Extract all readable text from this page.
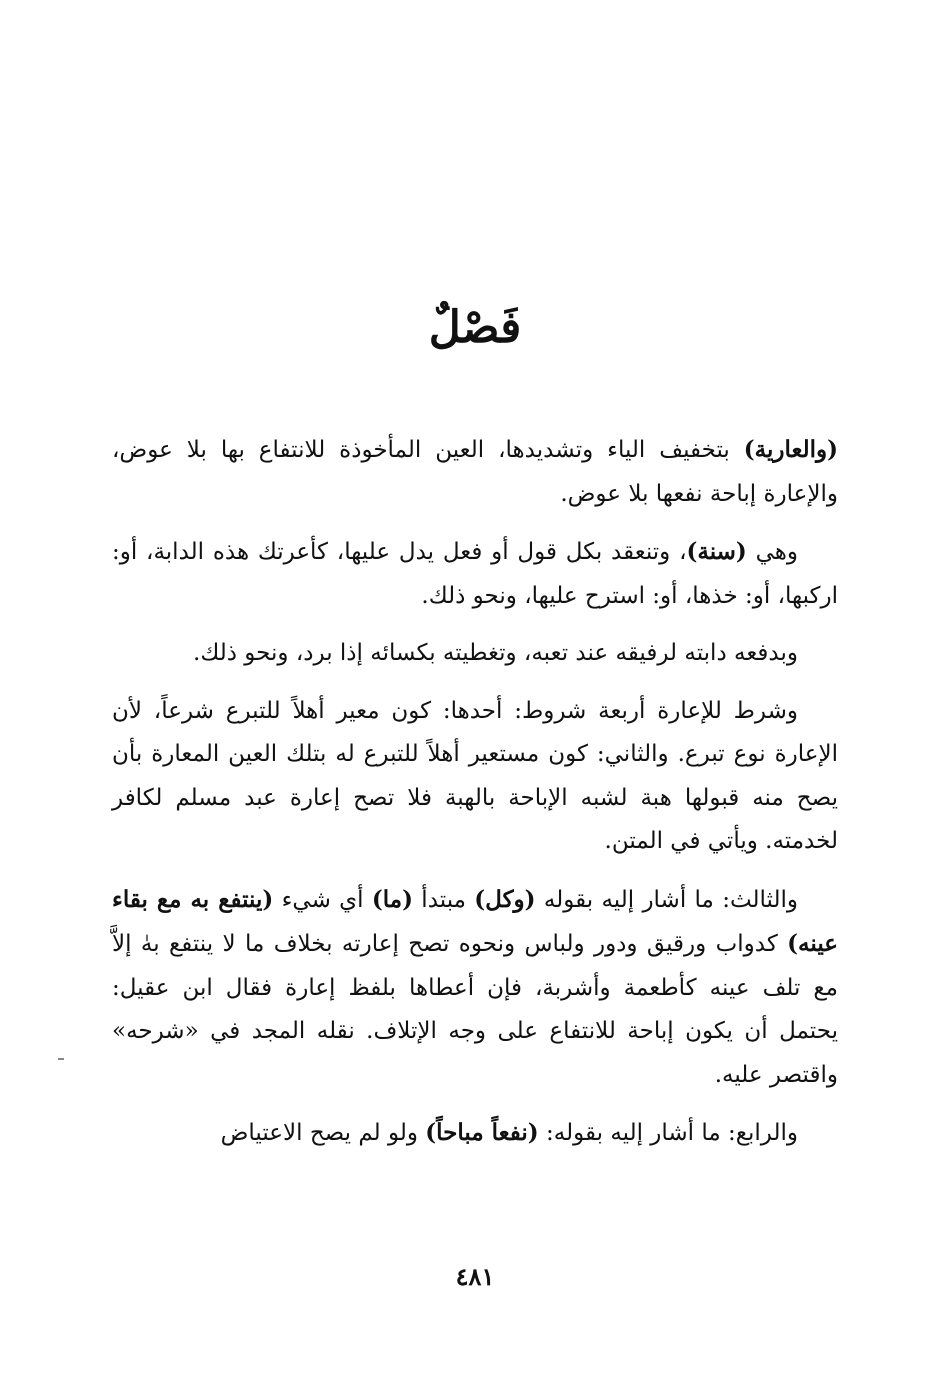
فَصْلٌ

(والعارية) بتخفيف الياء وتشديدها، العين المأخوذة للانتفاع بها بلا عوض، والإعارة إباحة نفعها بلا عوض.

وهي (سنة)، وتنعقد بكل قول أو فعل يدل عليها، كأعرتك هذه الدابة، أو: اركبها، أو: خذها، أو: استرح عليها، ونحو ذلك.

وبدفعه دابته لرفيقه عند تعبه، وتغطيته بكسائه إذا برد، ونحو ذلك.

وشرط للإعارة أربعة شروط: أحدها: كون معير أهلاً للتبرع شرعاً، لأن الإعارة نوع تبرع. والثاني: كون مستعير أهلاً للتبرع له بتلك العين المعارة بأن يصح منه قبولها هبة لشبه الإباحة بالهبة فلا تصح إعارة عبد مسلم لكافر لخدمته. ويأتي في المتن.

والثالث: ما أشار إليه بقوله (وكل) مبتدأ (ما) أي شيء (ينتفع به مع بقاء عينه) كدواب ورقيق ودور ولباس ونحوه تصح إعارته بخلاف ما لا ينتفع بهٰ إلاَّ مع تلف عينه كأطعمة وأشربة، فإن أعطاها بلفظ إعارة فقال ابن عقيل: يحتمل أن يكون إباحة للانتفاع على وجه الإتلاف. نقله المجد في «شرحه» واقتصر عليه.

والرابع: ما أشار إليه بقوله: (نفعاً مباحاً) ولو لم يصح الاعتياض

٤٨١
